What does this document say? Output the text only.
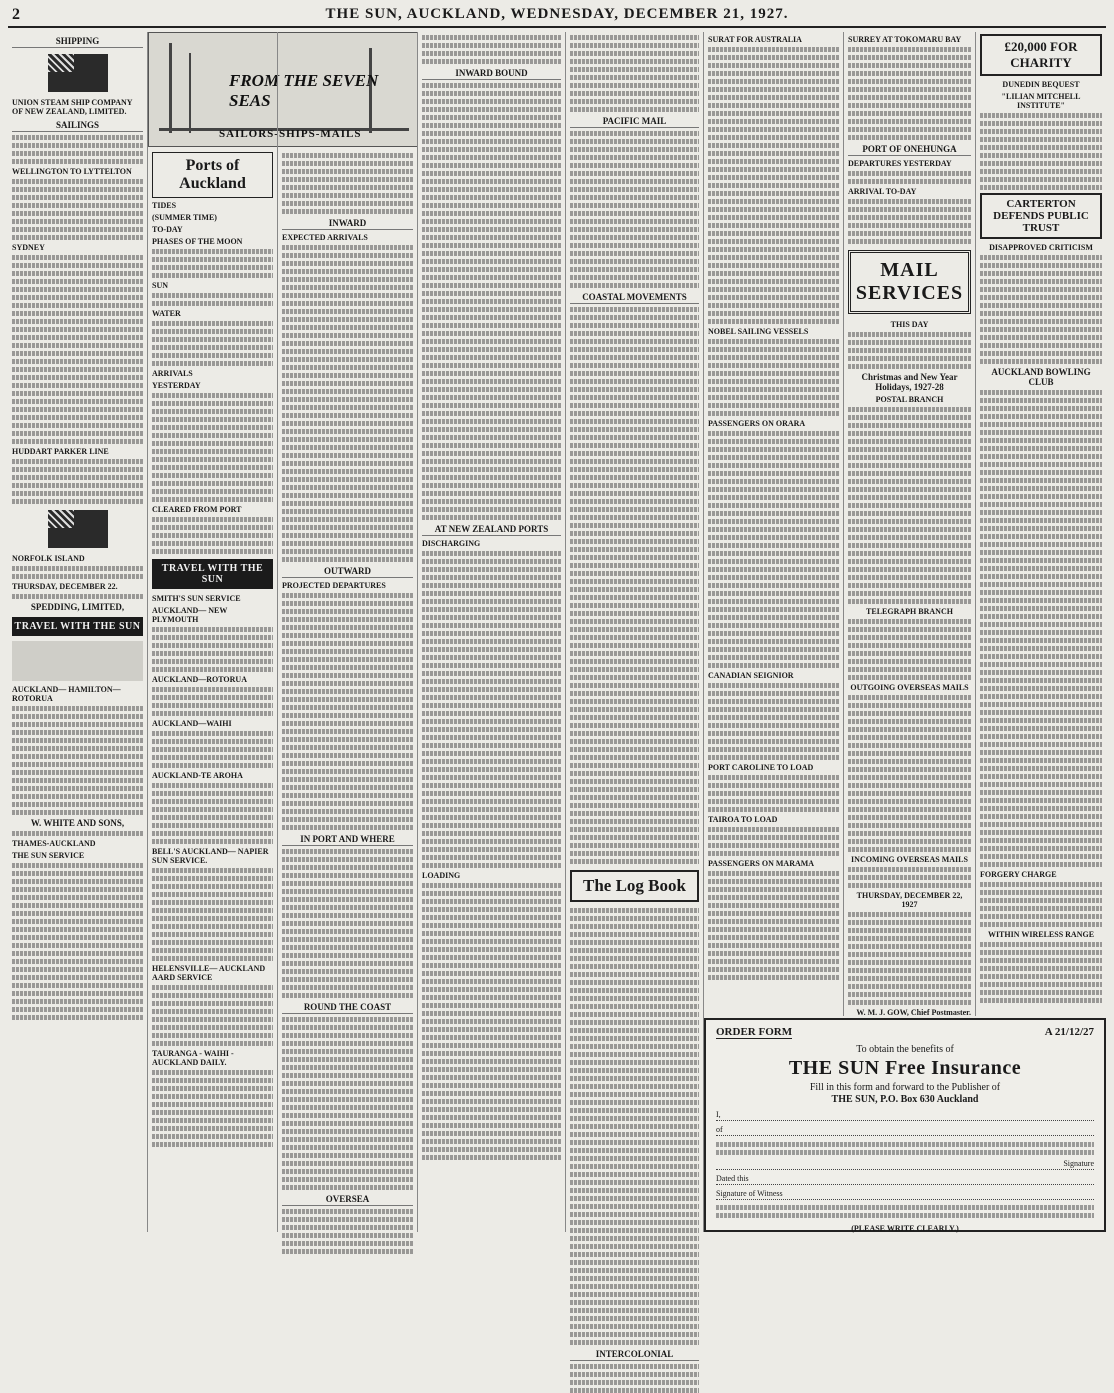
2	THE SUN, AUCKLAND, WEDNESDAY, DECEMBER 21, 1927.
SHIPPING
UNION STEAM SHIP COMPANY OF NEW ZEALAND, LIMITED.
SAILINGS
WELLINGTON TO LYTTELTON
SYDNEY
HUDDART PARKER LINE
NORFOLK ISLAND
THURSDAY, DECEMBER 22.
SPEDDING, LIMITED,
TRAVEL WITH THE SUN
AUCKLAND— HAMILTON— ROTORUA
W. WHITE AND SONS,
THAMES-AUCKLAND
THE SUN SERVICE
FROM THE SEVEN SEAS
SAILORS-SHIPS-MAILS
Ports of Auckland
TIDES
(SUMMER TIME)
TO-DAY
PHASES OF THE MOON
SUN
WATER
ARRIVALS
YESTERDAY
CLEARED FROM PORT
TRAVEL WITH THE SUN
SMITH'S SUN SERVICE
AUCKLAND— NEW PLYMOUTH
AUCKLAND—ROTORUA
AUCKLAND—WAIHI
AUCKLAND-TE AROHA
BELL'S AUCKLAND— NAPIER SUN SERVICE.
HELENSVILLE— AUCKLAND AARD SERVICE
TAURANGA - WAIHI - AUCKLAND DAILY.
INWARD
EXPECTED ARRIVALS
OUTWARD
PROJECTED DEPARTURES
IN PORT AND WHERE
ROUND THE COAST
OVERSEA
INWARD BOUND
AT NEW ZEALAND PORTS
DISCHARGING
LOADING
PACIFIC MAIL
COASTAL MOVEMENTS
The Log Book
INTERCOLONIAL
SURAT FOR AUSTRALIA
NOBEL SAILING VESSELS
PASSENGERS ON ORARA
CANADIAN SEIGNIOR
PORT CAROLINE TO LOAD
TAIROA TO LOAD
PASSENGERS ON MARAMA
SURREY AT TOKOMARU BAY
PORT OF ONEHUNGA
DEPARTURES YESTERDAY
ARRIVAL TO-DAY
MAIL SERVICES
THIS DAY
Christmas and New Year Holidays, 1927-28
POSTAL BRANCH
TELEGRAPH BRANCH
OUTGOING OVERSEAS MAILS
INCOMING OVERSEAS MAILS
THURSDAY, DECEMBER 22, 1927
W. M. J. GOW, Chief Postmaster.
£20,000 FOR CHARITY
DUNEDIN BEQUEST
"LILIAN MITCHELL INSTITUTE"
CARTERTON DEFENDS PUBLIC TRUST
DISAPPROVED CRITICISM
AUCKLAND BOWLING CLUB
FORGERY CHARGE
WITHIN WIRELESS RANGE
ORDER FORM	A 21/12/27
To obtain the benefits of
THE SUN Free Insurance
Fill in this form and forward to the Publisher of
THE SUN, P.O. Box 630 Auckland
I,
of
Signature
Dated this
Signature of Witness
(PLEASE WRITE CLEARLY.)
